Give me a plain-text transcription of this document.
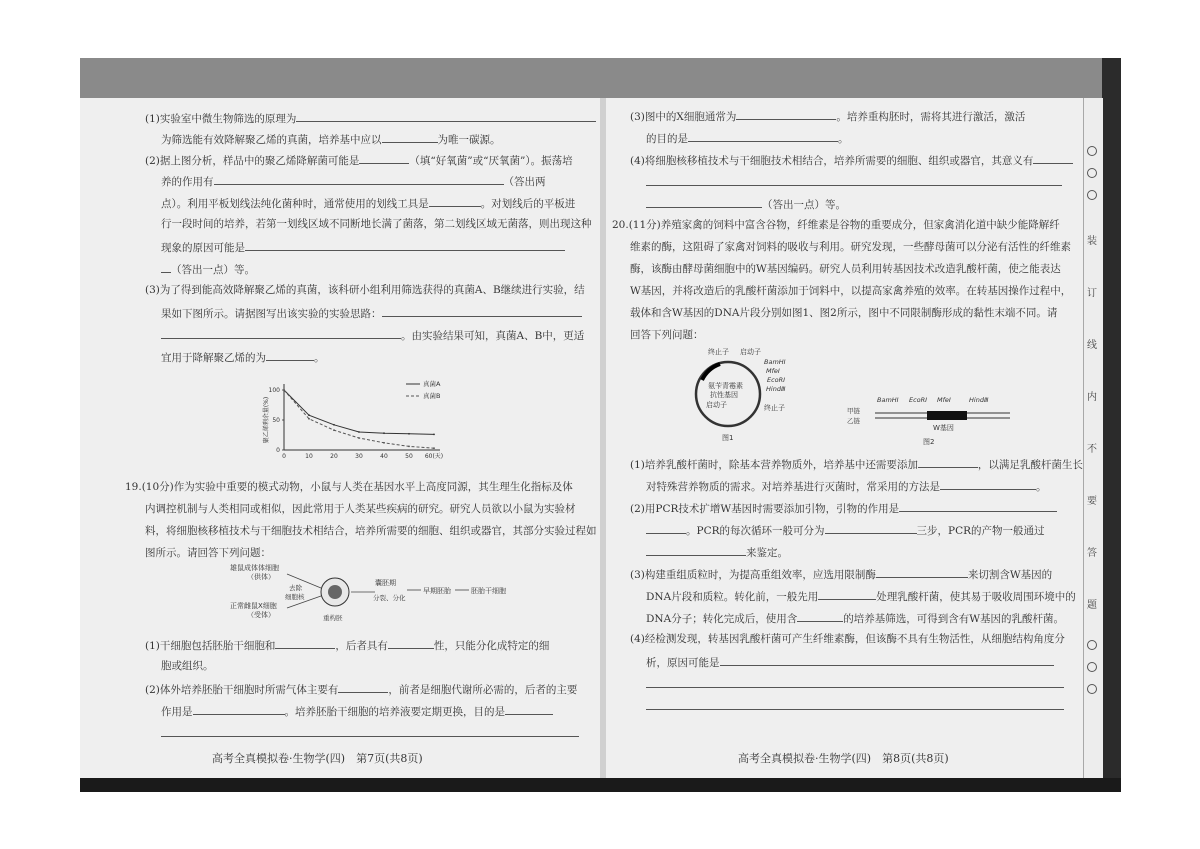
(1)实验室中微生物筛选的原理为
为筛选能有效降解聚乙烯的真菌，培养基中应以	为唯一碳源。
(2)据上图分析，样品中的聚乙烯降解菌可能是	（填“好氧菌”或“厌氧菌”）。振荡培
养的作用有	（答出两
点）。利用平板划线法纯化菌种时，通常使用的划线工具是	。对划线后的平板进
行一段时间的培养，若第一划线区域不同断地长满了菌落，第二划线区域无菌落，则出现这种
现象的原因可能是
（答出一点）等。
(3)为了得到能高效降解聚乙烯的真菌，该科研小组利用筛选获得的真菌A、B继续进行实验，结
果如下图所示。请据图写出该实验的实验思路：
。由实验结果可知，真菌A、B中，更适
宜用于降解聚乙烯的为	。
0
50
100
0	10	20	30	40	50 60(天)
聚乙烯剩余量(%)
真菌A
真菌B
19.(10分)作为实验中重要的模式动物，小鼠与人类在基因水平上高度同源，其生理生化指标及体
内调控机制与人类相同或相似，因此常用于人类某些疾病的研究。研究人员欲以小鼠为实验材
料，将细胞核移植技术与干细胞技术相结合，培养所需要的细胞、组织或器官，其部分实验过程如
图所示。请回答下列问题：
雄鼠成体体细胞
（供体）
正常雌鼠X细胞
（受体）
去除
细胞核
重构胚
囊胚期
分裂、分化
早期胚胎	胚胎干细胞
(1)干细胞包括胚胎干细胞和	，后者具有	性，只能分化成特定的细
胞或组织。
(2)体外培养胚胎干细胞时所需气体主要有	，前者是细胞代谢所必需的，后者的主要
作用是	。培养胚胎干细胞的培养液要定期更换，目的是
高考全真模拟卷·生物学(四)　第7页(共8页)
(3)图中的X细胞通常为	。培养重构胚时，需将其进行激活，激活
的目的是	。
(4)将细胞核移植技术与干细胞技术相结合，培养所需要的细胞、组织或器官，其意义有
（答出一点）等。
20.(11分)养殖家禽的饲料中富含谷物，纤维素是谷物的重要成分，但家禽消化道中缺少能降解纤
维素的酶，这阻碍了家禽对饲料的吸收与利用。研究发现，一些酵母菌可以分泌有活性的纤维素
酶，该酶由酵母菌细胞中的W基因编码。研究人员利用转基因技术改造乳酸杆菌，使之能表达
W基因，并将改造后的乳酸杆菌添加于饲料中，以提高家禽养殖的效率。在转基因操作过程中，
载体和含W基因的DNA片段分别如图1、图2所示，图中不同限制酶形成的黏性末端不同。请
回答下列问题：
终止子 启动子
氨苄青霉素
抗性基因
启动子	终止子
BamHⅠ
MfeⅠ
EcoRⅠ
HindⅢ
图1
BamHⅠ EcoRⅠ MfeⅠ	HindⅢ
甲链
乙链
W基因
图2
(1)培养乳酸杆菌时，除基本营养物质外，培养基中还需要添加	，以满足乳酸杆菌生长
对特殊营养物质的需求。对培养基进行灭菌时，常采用的方法是	。
(2)用PCR技术扩增W基因时需要添加引物，引物的作用是
。PCR的每次循环一般可分为	三步，PCR的产物一般通过
来鉴定。
(3)构建重组质粒时，为提高重组效率，应选用限制酶	来切割含W基因的
DNA片段和质粒。转化前，一般先用	处理乳酸杆菌，使其易于吸收周围环境中的
DNA分子；转化完成后，使用含	的培养基筛选，可得到含有W基因的乳酸杆菌。
(4)经检测发现，转基因乳酸杆菌可产生纤维素酶，但该酶不具有生物活性，从细胞结构角度分
析，原因可能是
高考全真模拟卷·生物学(四)　第8页(共8页)
装
订
线
内
不
要
答
题
